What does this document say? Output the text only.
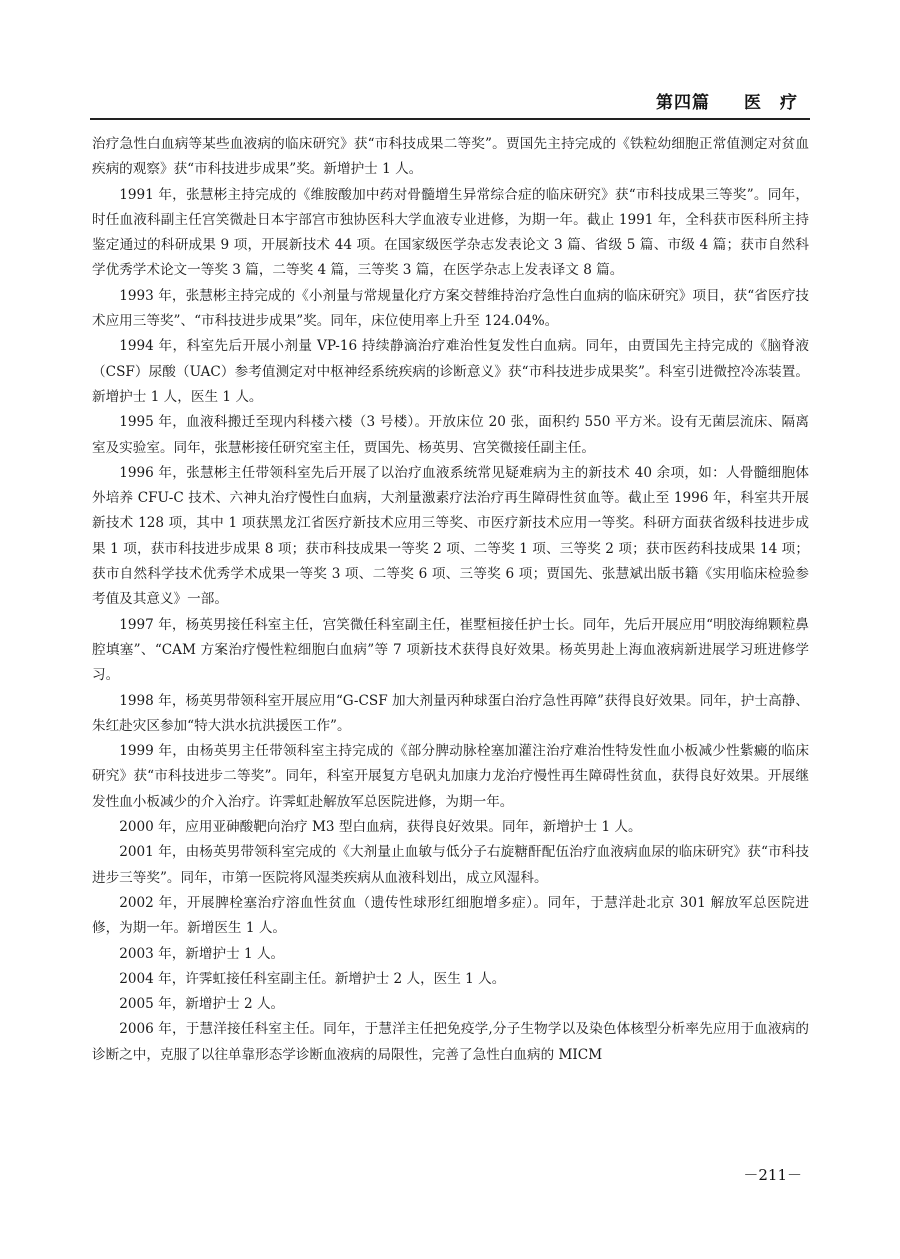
第四篇 医　疗

治疗急性白血病等某些血液病的临床研究》获“市科技成果二等奖”。贾国先主持完成的《铁粒幼细胞正常值测定对贫血疾病的观察》获“市科技进步成果”奖。新增护士 1 人。

1991 年，张慧彬主持完成的《维胺酸加中药对骨髓增生异常综合症的临床研究》获“市科技成果三等奖”。同年，时任血液科副主任宫笑微赴日本宇部宫市独协医科大学血液专业进修，为期一年。截止 1991 年，全科获市医科所主持鉴定通过的科研成果 9 项，开展新技术 44 项。在国家级医学杂志发表论文 3 篇、省级 5 篇、市级 4 篇；获市自然科学优秀学术论文一等奖 3 篇，二等奖 4 篇，三等奖 3 篇，在医学杂志上发表译文 8 篇。

1993 年，张慧彬主持完成的《小剂量与常规量化疗方案交替维持治疗急性白血病的临床研究》项目，获“省医疗技术应用三等奖”、“市科技进步成果”奖。同年，床位使用率上升至 124.04%。

1994 年，科室先后开展小剂量 VP-16 持续静滴治疗难治性复发性白血病。同年，由贾国先主持完成的《脑脊液（CSF）尿酸（UAC）参考值测定对中枢神经系统疾病的诊断意义》获“市科技进步成果奖”。科室引进微控冷冻装置。新增护士 1 人，医生 1 人。

1995 年，血液科搬迁至现内科楼六楼（3 号楼）。开放床位 20 张，面积约 550 平方米。设有无菌层流床、隔离室及实验室。同年，张慧彬接任研究室主任，贾国先、杨英男、宫笑微接任副主任。

1996 年，张慧彬主任带领科室先后开展了以治疗血液系统常见疑难病为主的新技术 40 余项，如：人骨髓细胞体外培养 CFU-C 技术、六神丸治疗慢性白血病，大剂量激素疗法治疗再生障碍性贫血等。截止至 1996 年，科室共开展新技术 128 项，其中 1 项获黑龙江省医疗新技术应用三等奖、市医疗新技术应用一等奖。科研方面获省级科技进步成果 1 项，获市科技进步成果 8 项；获市科技成果一等奖 2 项、二等奖 1 项、三等奖 2 项；获市医药科技成果 14 项；获市自然科学技术优秀学术成果一等奖 3 项、二等奖 6 项、三等奖 6 项；贾国先、张慧斌出版书籍《实用临床检验参考值及其意义》一部。

1997 年，杨英男接任科室主任，宫笑微任科室副主任，崔墅桓接任护士长。同年，先后开展应用“明胶海绵颗粒鼻腔填塞”、“CAM 方案治疗慢性粒细胞白血病”等 7 项新技术获得良好效果。杨英男赴上海血液病新进展学习班进修学习。

1998 年，杨英男带领科室开展应用“G-CSF 加大剂量丙种球蛋白治疗急性再障”获得良好效果。同年，护士高静、朱红赴灾区参加“特大洪水抗洪援医工作”。

1999 年，由杨英男主任带领科室主持完成的《部分脾动脉栓塞加灌注治疗难治性特发性血小板减少性紫癜的临床研究》获“市科技进步二等奖”。同年，科室开展复方皂矾丸加康力龙治疗慢性再生障碍性贫血，获得良好效果。开展继发性血小板减少的介入治疗。许霁虹赴解放军总医院进修，为期一年。

2000 年，应用亚砷酸靶向治疗 M3 型白血病，获得良好效果。同年，新增护士 1 人。

2001 年，由杨英男带领科室完成的《大剂量止血敏与低分子右旋糖酐配伍治疗血液病血尿的临床研究》获“市科技进步三等奖”。同年，市第一医院将风湿类疾病从血液科划出，成立风湿科。

2002 年，开展脾栓塞治疗溶血性贫血（遗传性球形红细胞增多症）。同年，于慧洋赴北京 301 解放军总医院进修，为期一年。新增医生 1 人。

2003 年，新增护士 1 人。

2004 年，许霁虹接任科室副主任。新增护士 2 人，医生 1 人。

2005 年，新增护士 2 人。

2006 年，于慧洋接任科室主任。同年，于慧洋主任把免疫学,分子生物学以及染色体核型分析率先应用于血液病的诊断之中，克服了以往单靠形态学诊断血液病的局限性，完善了急性白血病的 MICM

－211－
